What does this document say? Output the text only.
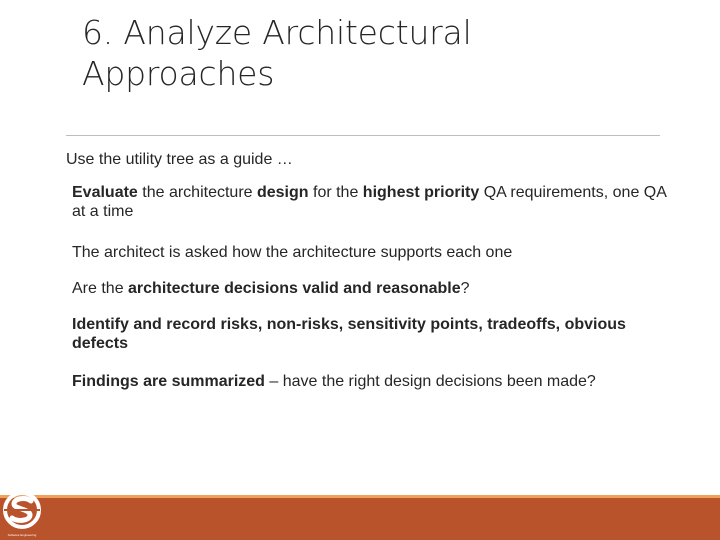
6. Analyze Architectural
Approaches

Use the utility tree as a guide …

Evaluate the architecture design for the highest priority QA requirements, one QA at a time

The architect is asked how the architecture supports each one

Are the architecture decisions valid and reasonable?

Identify and record risks, non-risks, sensitivity points, tradeoffs, obvious defects

Findings are summarized – have the right design decisions been made?

Software Engineering
